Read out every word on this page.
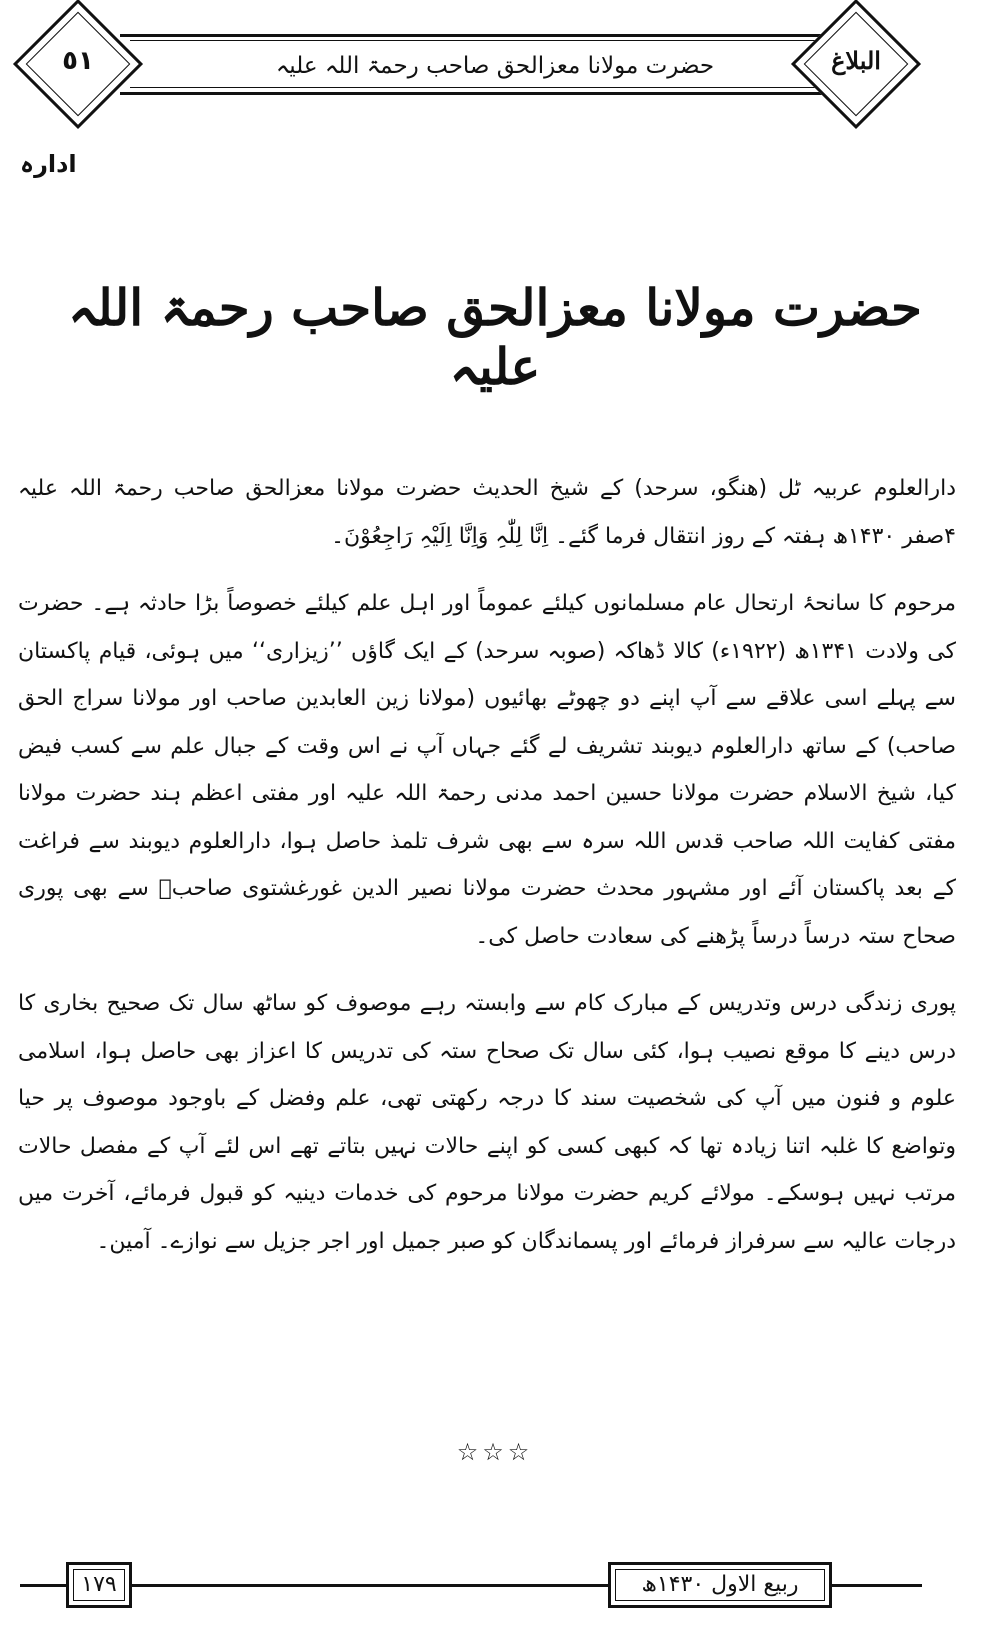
٥١	البلاغ
حضرت مولانا معزالحق صاحب رحمۃ اللہ علیہ
ادارہ
حضرت مولانا معزالحق صاحب رحمۃ اللہ علیہ

دارالعلوم عربیہ ٹل (ھنگو، سرحد) کے شیخ الحدیث حضرت مولانا معزالحق صاحب رحمۃ اللہ علیہ ۴صفر ۱۴۳۰ھ ہفتہ کے روز انتقال فرما گئے۔ اِنَّا لِلّٰہِ وَاِنَّا اِلَیْہِ رَاجِعُوْنَ۔

مرحوم کا سانحۂ ارتحال عام مسلمانوں کیلئے عموماً اور اہل علم کیلئے خصوصاً بڑا حادثہ ہے۔ حضرت کی ولادت ۱۳۴۱ھ (۱۹۲۲ء) کالا ڈھاکہ (صوبہ سرحد) کے ایک گاؤں ’’زیزاری‘‘ میں ہوئی، قیام پاکستان سے پہلے اسی علاقے سے آپ اپنے دو چھوٹے بھائیوں (مولانا زین العابدین صاحب اور مولانا سراج الحق صاحب) کے ساتھ دارالعلوم دیوبند تشریف لے گئے جہاں آپ نے اس وقت کے جبال علم سے کسب فیض کیا، شیخ الاسلام حضرت مولانا حسین احمد مدنی رحمۃ اللہ علیہ اور مفتی اعظم ہند حضرت مولانا مفتی کفایت اللہ صاحب قدس اللہ سرہ سے بھی شرف تلمذ حاصل ہوا، دارالعلوم دیوبند سے فراغت کے بعد پاکستان آئے اور مشہور محدث حضرت مولانا نصیر الدین غورغشتوی صاحبؒ سے بھی پوری صحاح ستہ درساً درساً پڑھنے کی سعادت حاصل کی۔

پوری زندگی درس وتدریس کے مبارک کام سے وابستہ رہے موصوف کو ساٹھ سال تک صحیح بخاری کا درس دینے کا موقع نصیب ہوا، کئی سال تک صحاح ستہ کی تدریس کا اعزاز بھی حاصل ہوا، اسلامی علوم و فنون میں آپ کی شخصیت سند کا درجہ رکھتی تھی، علم وفضل کے باوجود موصوف پر حیا وتواضع کا غلبہ اتنا زیادہ تھا کہ کبھی کسی کو اپنے حالات نہیں بتاتے تھے اس لئے آپ کے مفصل حالات مرتب نہیں ہوسکے۔ مولائے کریم حضرت مولانا مرحوم کی خدمات دینیہ کو قبول فرمائے، آخرت میں درجات عالیہ سے سرفراز فرمائے اور پسماندگان کو صبر جمیل اور اجر جزیل سے نوازے۔ آمین۔

☆☆☆
١٧٩	ربیع الاول ۱۴۳۰ھ
